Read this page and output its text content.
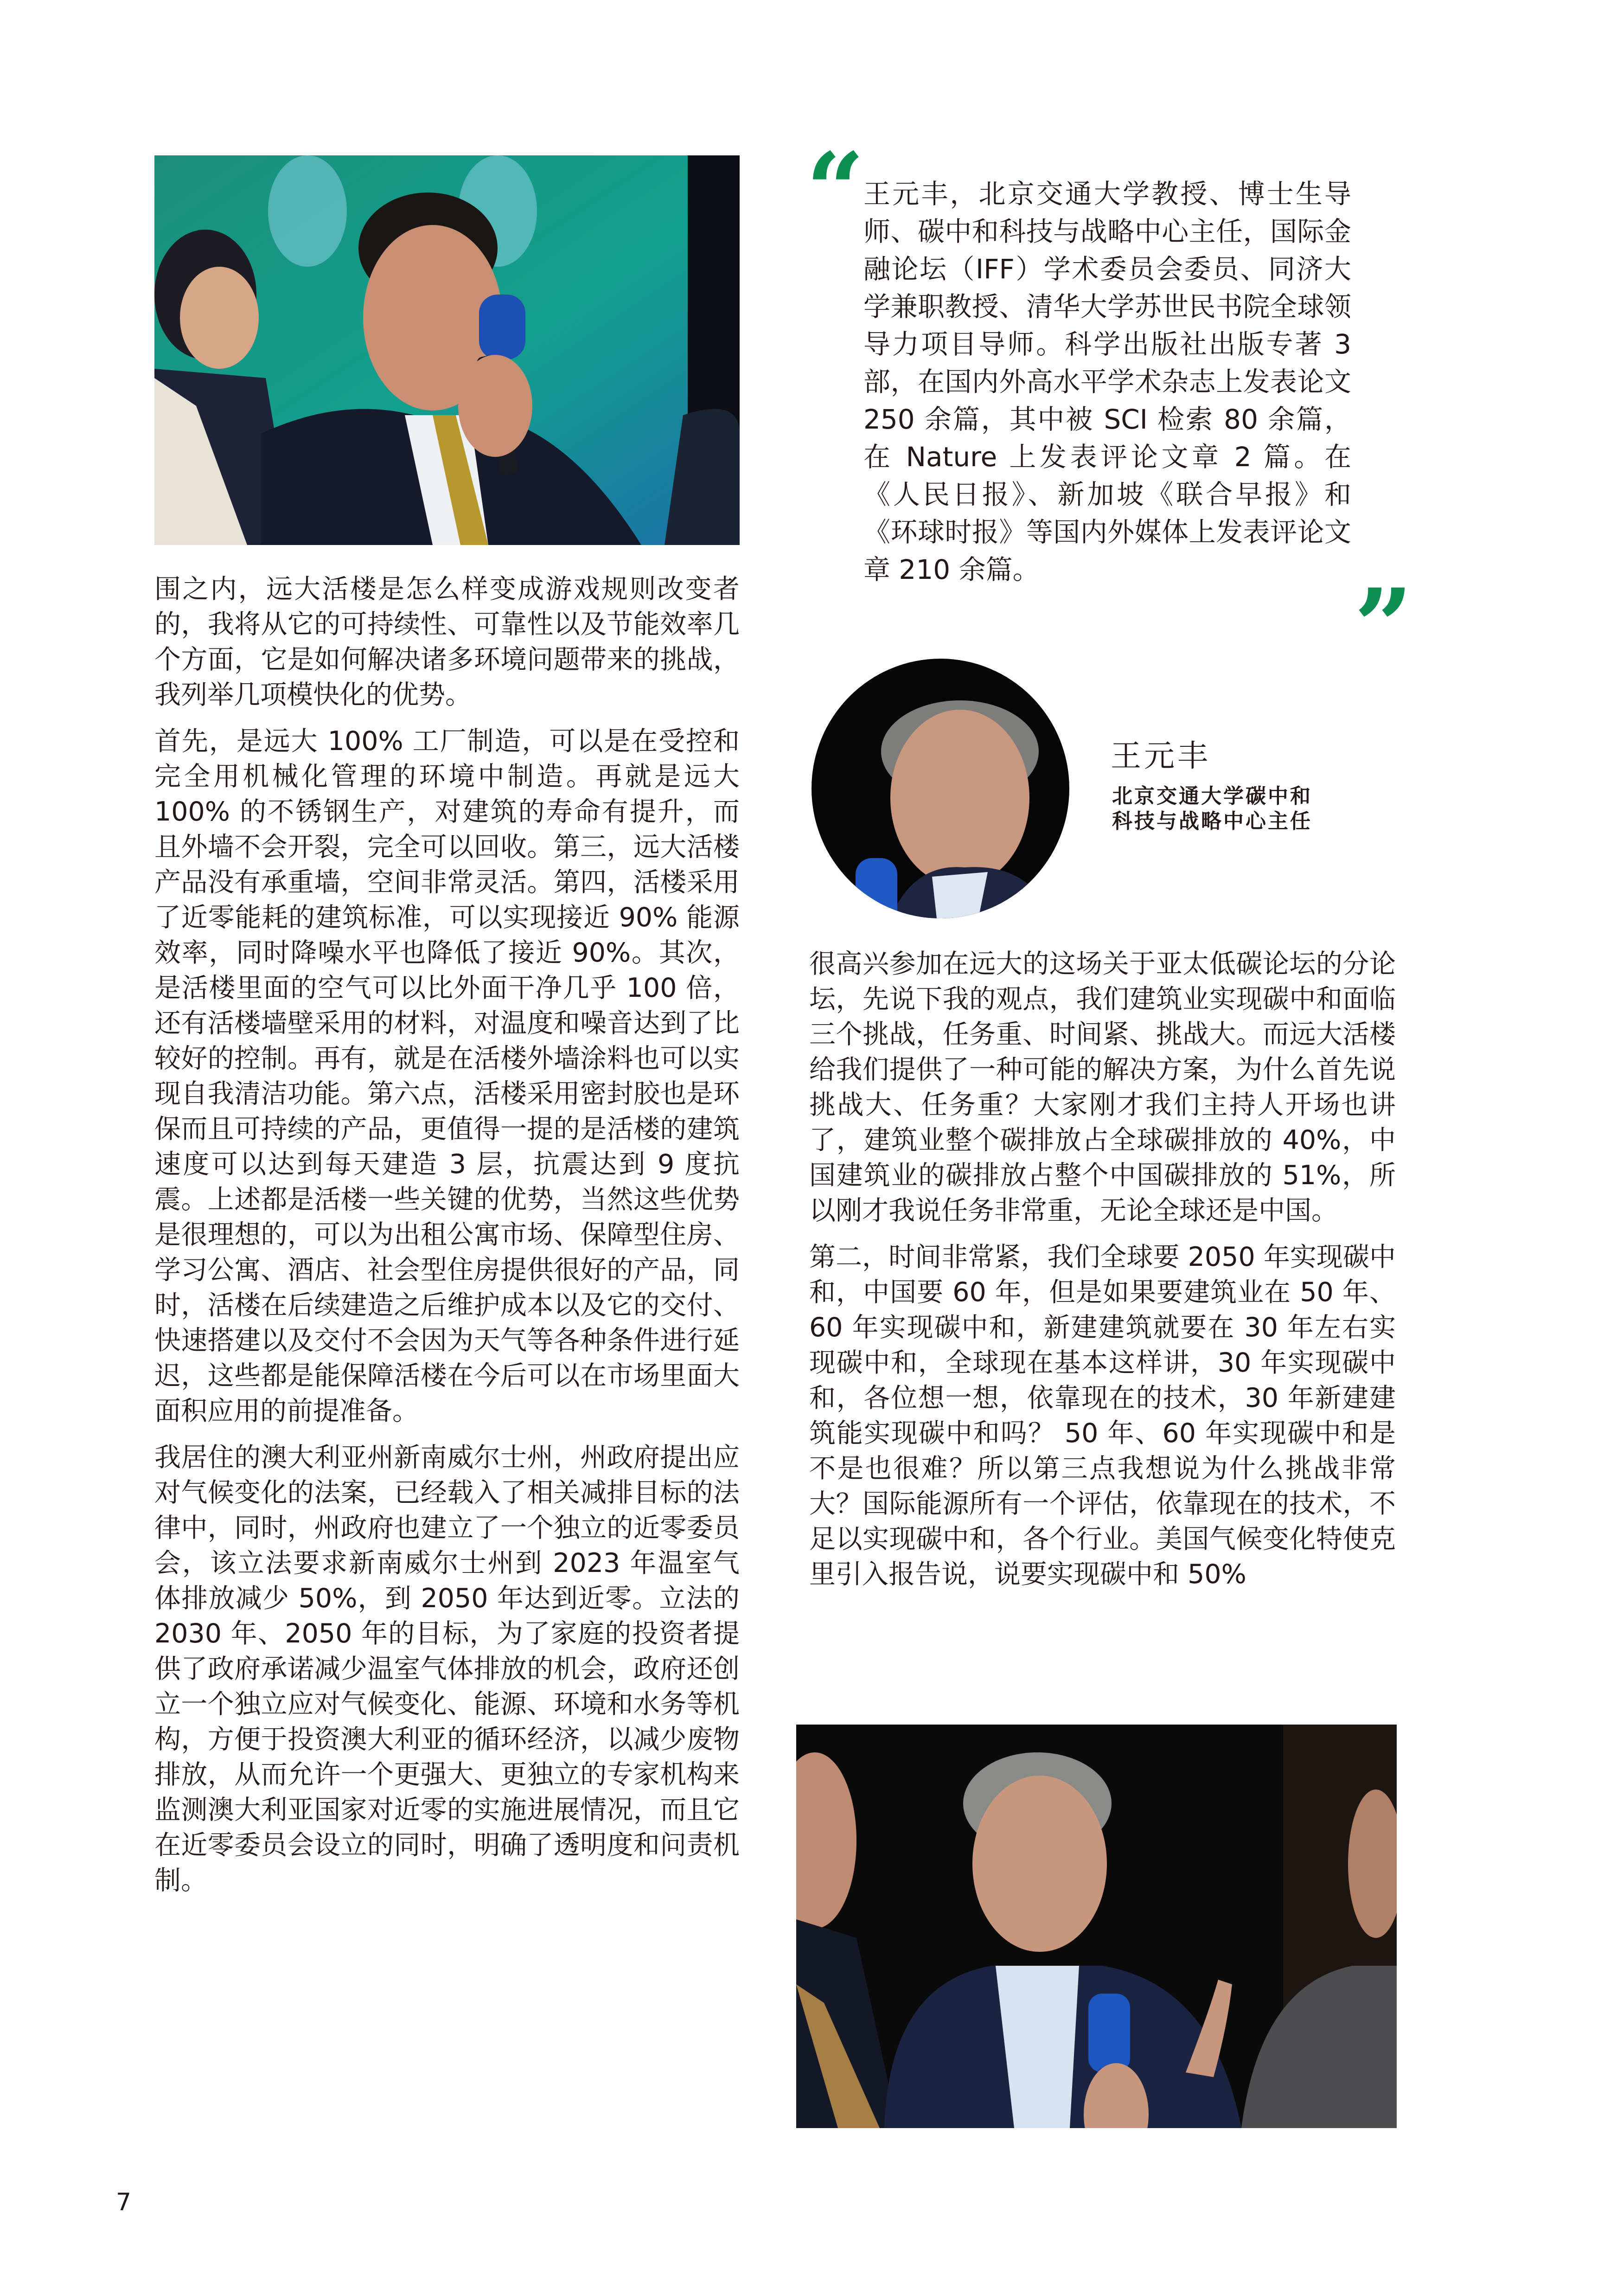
围之内，远大活楼是怎么样变成游戏规则改变者的，我将从它的可持续性、可靠性以及节能效率几个方面，它是如何解决诸多环境问题带来的挑战，我列举几项模快化的优势。

首先，是远大 100% 工厂制造，可以是在受控和完全用机械化管理的环境中制造。再就是远大 100% 的不锈钢生产，对建筑的寿命有提升，而且外墙不会开裂，完全可以回收。第三，远大活楼产品没有承重墙，空间非常灵活。第四，活楼采用了近零能耗的建筑标准，可以实现接近 90% 能源效率，同时降噪水平也降低了接近 90%。其次，是活楼里面的空气可以比外面干净几乎 100 倍，还有活楼墙壁采用的材料，对温度和噪音达到了比较好的控制。再有，就是在活楼外墙涂料也可以实现自我清洁功能。第六点，活楼采用密封胶也是环保而且可持续的产品，更值得一提的是活楼的建筑速度可以达到每天建造 3 层，抗震达到 9 度抗震。上述都是活楼一些关键的优势，当然这些优势是很理想的，可以为出租公寓市场、保障型住房、学习公寓、酒店、社会型住房提供很好的产品，同时，活楼在后续建造之后维护成本以及它的交付、快速搭建以及交付不会因为天气等各种条件进行延迟，这些都是能保障活楼在今后可以在市场里面大面积应用的前提准备。

我居住的澳大利亚州新南威尔士州，州政府提出应对气候变化的法案，已经载入了相关减排目标的法律中，同时，州政府也建立了一个独立的近零委员会，该立法要求新南威尔士州到 2023 年温室气体排放减少 50%，到 2050 年达到近零。立法的 2030 年、2050 年的目标，为了家庭的投资者提供了政府承诺减少温室气体排放的机会，政府还创立一个独立应对气候变化、能源、环境和水务等机构，方便于投资澳大利亚的循环经济，以减少废物排放，从而允许一个更强大、更独立的专家机构来监测澳大利亚国家对近零的实施进展情况，而且它在近零委员会设立的同时，明确了透明度和问责机制。

“
王元丰，北京交通大学教授、博士生导师、碳中和科技与战略中心主任，国际金融论坛（IFF）学术委员会委员、同济大学兼职教授、清华大学苏世民书院全球领导力项目导师。科学出版社出版专著 3 部，在国内外高水平学术杂志上发表论文 250 余篇，其中被 SCI 检索 80 余篇，在 Nature 上发表评论文章 2 篇。在《人民日报》、新加坡《联合早报》和《环球时报》等国内外媒体上发表评论文章 210 余篇。	”
王元丰
北京交通大学碳中和
科技与战略中心主任

很高兴参加在远大的这场关于亚太低碳论坛的分论坛，先说下我的观点，我们建筑业实现碳中和面临三个挑战，任务重、时间紧、挑战大。而远大活楼给我们提供了一种可能的解决方案，为什么首先说挑战大、任务重？大家刚才我们主持人开场也讲了，建筑业整个碳排放占全球碳排放的 40%，中国建筑业的碳排放占整个中国碳排放的 51%，所以刚才我说任务非常重，无论全球还是中国。

第二，时间非常紧，我们全球要 2050 年实现碳中和，中国要 60 年，但是如果要建筑业在 50 年、60 年实现碳中和，新建建筑就要在 30 年左右实现碳中和，全球现在基本这样讲，30 年实现碳中和，各位想一想，依靠现在的技术，30 年新建建筑能实现碳中和吗？ 50 年、60 年实现碳中和是不是也很难？所以第三点我想说为什么挑战非常大？国际能源所有一个评估，依靠现在的技术，不足以实现碳中和，各个行业。美国气候变化特使克里引入报告说，说要实现碳中和 50%

7
